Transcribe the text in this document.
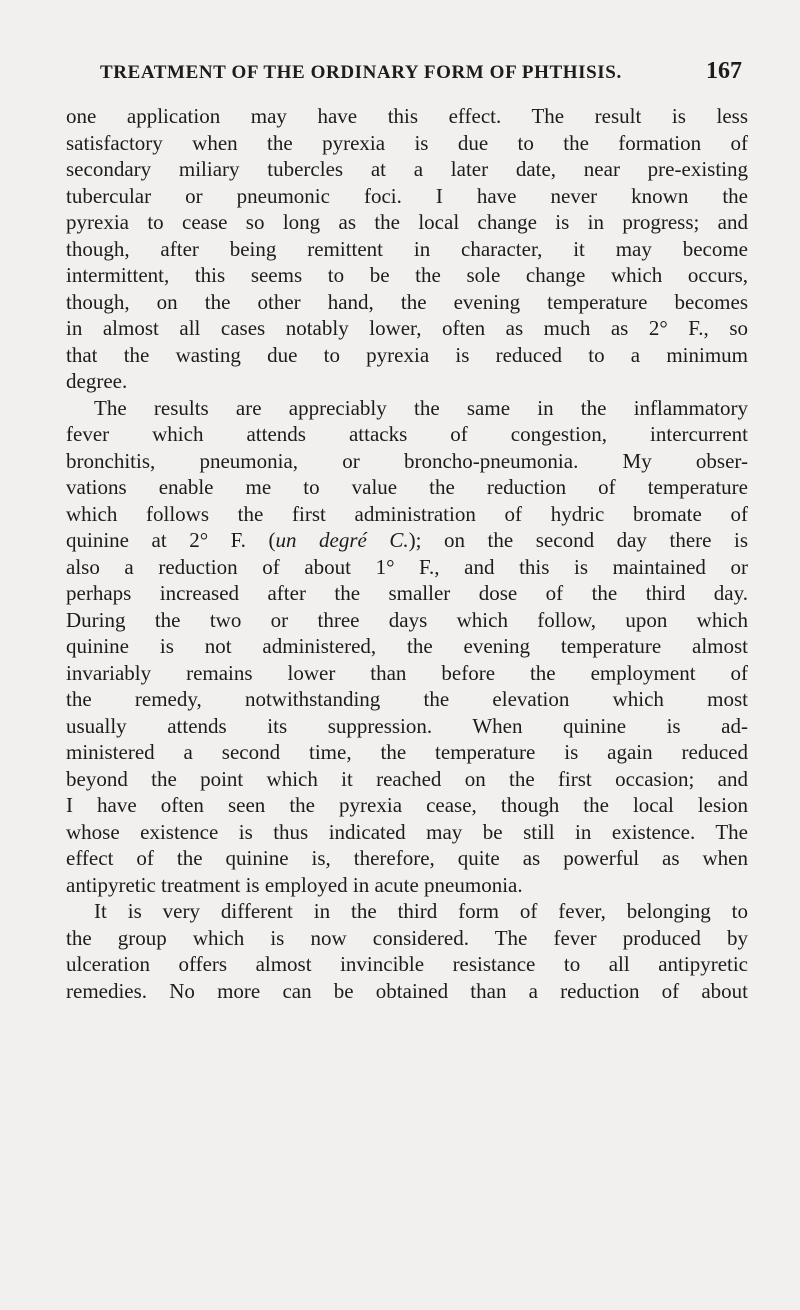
TREATMENT OF THE ORDINARY FORM OF PHTHISIS.	167
one application may have this effect. The result is less
satisfactory when the pyrexia is due to the formation of
secondary miliary tubercles at a later date, near pre-existing
tubercular or pneumonic foci. I have never known the
pyrexia to cease so long as the local change is in progress; and
though, after being remittent in character, it may become
intermittent, this seems to be the sole change which occurs,
though, on the other hand, the evening temperature becomes
in almost all cases notably lower, often as much as 2° F., so
that the wasting due to pyrexia is reduced to a minimum
degree.
The results are appreciably the same in the inflammatory
fever which attends attacks of congestion, intercurrent
bronchitis, pneumonia, or broncho-pneumonia. My obser-
vations enable me to value the reduction of temperature
which follows the first administration of hydric bromate of
quinine at 2° F. (un degré C.); on the second day there is
also a reduction of about 1° F., and this is maintained or
perhaps increased after the smaller dose of the third day.
During the two or three days which follow, upon which
quinine is not administered, the evening temperature almost
invariably remains lower than before the employment of
the remedy, notwithstanding the elevation which most
usually attends its suppression. When quinine is ad-
ministered a second time, the temperature is again reduced
beyond the point which it reached on the first occasion; and
I have often seen the pyrexia cease, though the local lesion
whose existence is thus indicated may be still in existence. The
effect of the quinine is, therefore, quite as powerful as when
antipyretic treatment is employed in acute pneumonia.
It is very different in the third form of fever, belonging to
the group which is now considered. The fever produced by
ulceration offers almost invincible resistance to all antipyretic
remedies. No more can be obtained than a reduction of about
